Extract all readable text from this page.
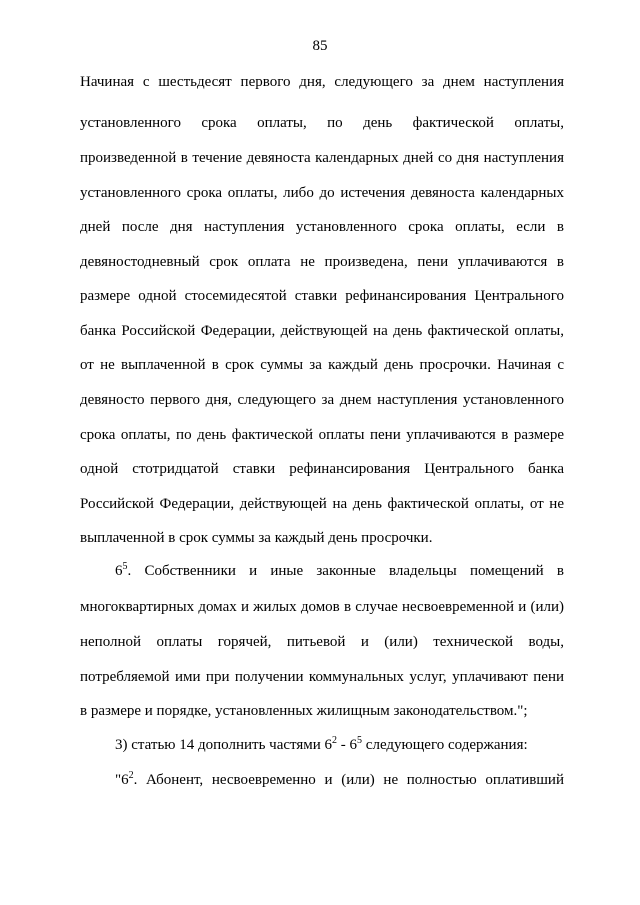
85
Начиная с шестьдесят первого дня, следующего за днем наступления
установленного срока оплаты, по день фактической оплаты,
произведенной в течение девяноста календарных дней со дня наступления
установленного срока оплаты, либо до истечения девяноста календарных
дней после дня наступления установленного срока оплаты, если в
девяностодневный срок оплата не произведена, пени уплачиваются в
размере одной стосемидесятой ставки рефинансирования Центрального
банка Российской Федерации, действующей на день фактической оплаты,
от не выплаченной в срок суммы за каждый день просрочки. Начиная с
девяносто первого дня, следующего за днем наступления установленного
срока оплаты, по день фактической оплаты пени уплачиваются в размере
одной стотридцатой ставки рефинансирования Центрального банка
Российской Федерации, действующей на день фактической оплаты, от не
выплаченной в срок суммы за каждый день просрочки.
$6^5$. Собственники и иные законные владельцы помещений в
многоквартирных домах и жилых домов в случае несвоевременной и (или)
неполной оплаты горячей, питьевой и (или) технической воды,
потребляемой ими при получении коммунальных услуг, уплачивают пени
в размере и порядке, установленных жилищным законодательством.";
3) статью 14 дополнить частями $6^2 - 6^5$ следующего содержания:
"$6^2$. Абонент, несвоевременно и (или) не полностью оплативший
